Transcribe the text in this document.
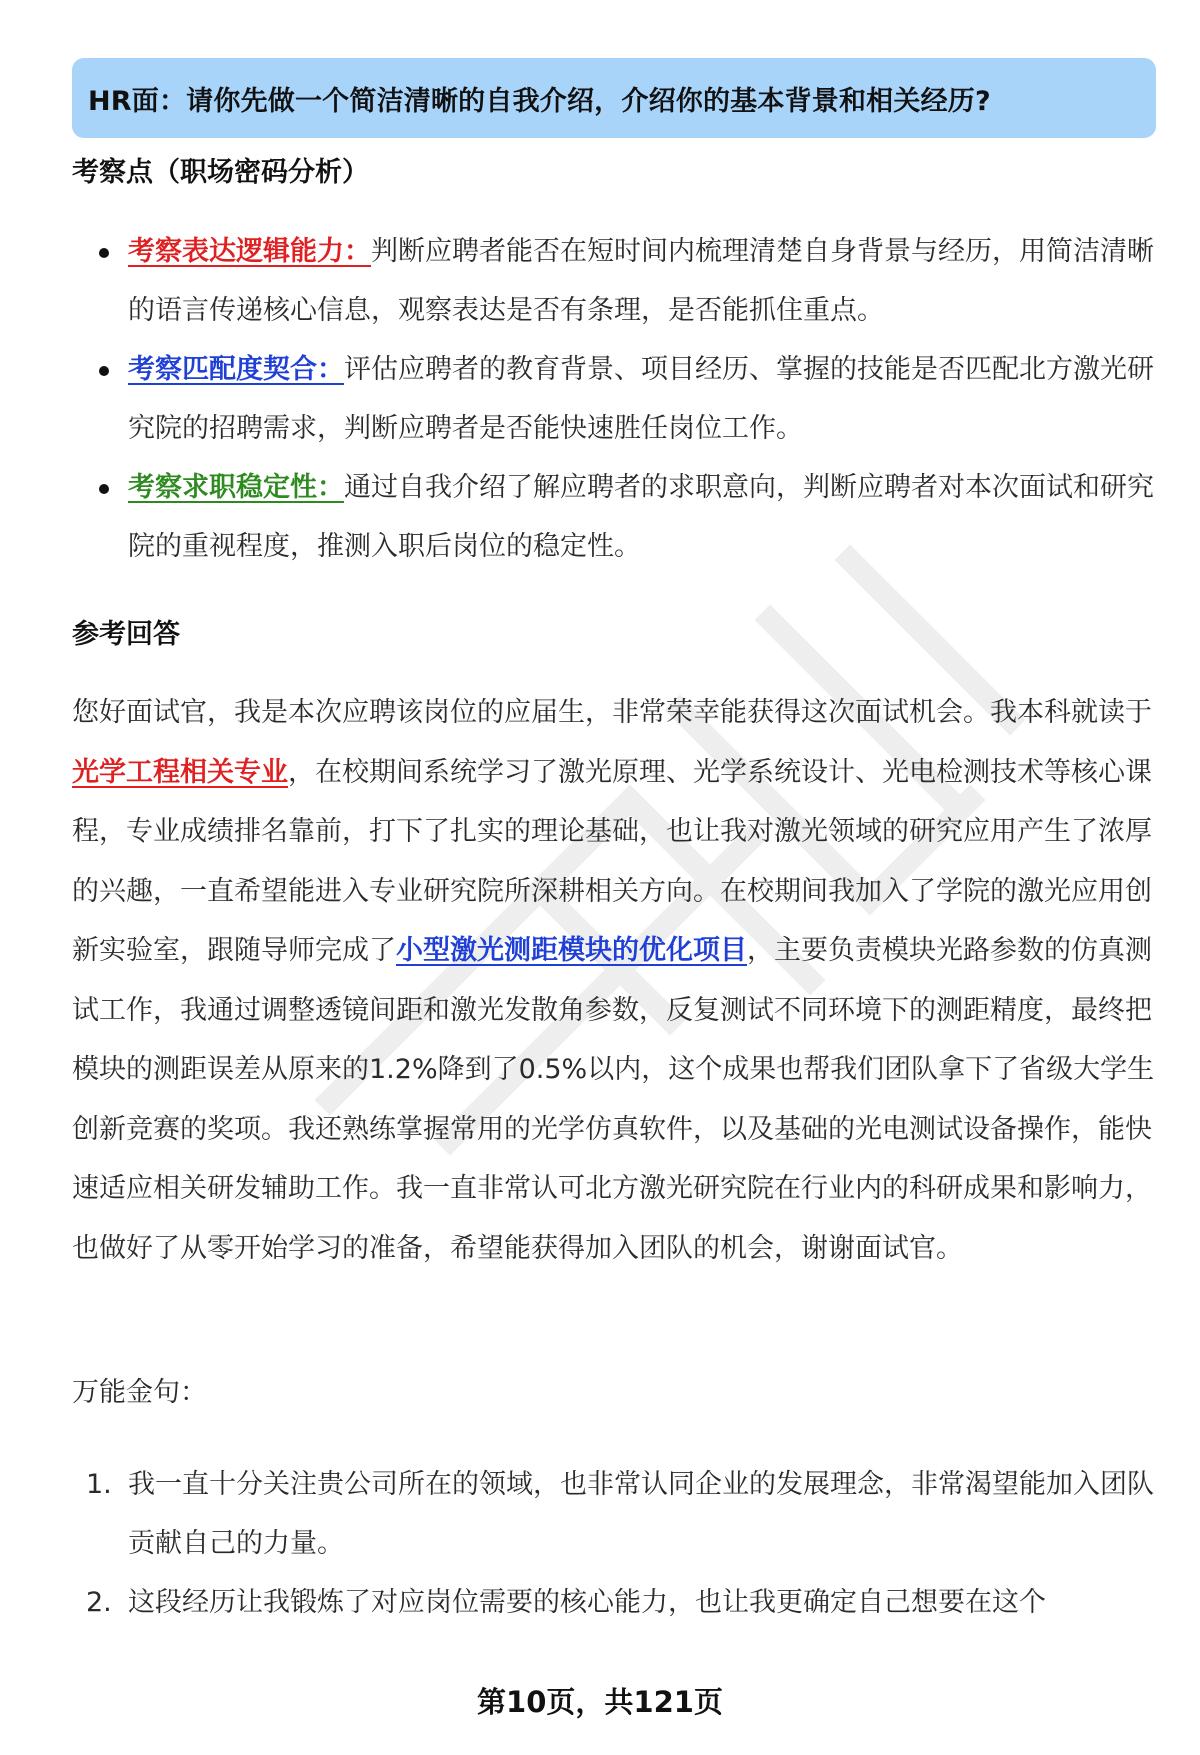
HR面：请你先做一个简洁清晰的自我介绍，介绍你的基本背景和相关经历?
考察点（职场密码分析）
考察表达逻辑能力：判断应聘者能否在短时间内梳理清楚自身背景与经历，用简洁清晰的语言传递核心信息，观察表达是否有条理，是否能抓住重点。
考察匹配度契合：评估应聘者的教育背景、项目经历、掌握的技能是否匹配北方激光研究院的招聘需求，判断应聘者是否能快速胜任岗位工作。
考察求职稳定性：通过自我介绍了解应聘者的求职意向，判断应聘者对本次面试和研究院的重视程度，推测入职后岗位的稳定性。
参考回答

您好面试官，我是本次应聘该岗位的应届生，非常荣幸能获得这次面试机会。我本科就读于光学工程相关专业，在校期间系统学习了激光原理、光学系统设计、光电检测技术等核心课程，专业成绩排名靠前，打下了扎实的理论基础，也让我对激光领域的研究应用产生了浓厚的兴趣，一直希望能进入专业研究院所深耕相关方向。在校期间我加入了学院的激光应用创新实验室，跟随导师完成了小型激光测距模块的优化项目，主要负责模块光路参数的仿真测试工作，我通过调整透镜间距和激光发散角参数，反复测试不同环境下的测距精度，最终把模块的测距误差从原来的1.2%降到了0.5%以内，这个成果也帮我们团队拿下了省级大学生创新竞赛的奖项。我还熟练掌握常用的光学仿真软件，以及基础的光电测试设备操作，能快速适应相关研发辅助工作。我一直非常认可北方激光研究院在行业内的科研成果和影响力，也做好了从零开始学习的准备，希望能获得加入团队的机会，谢谢面试官。

万能金句：
1. 我一直十分关注贵公司所在的领域，也非常认同企业的发展理念，非常渴望能加入团队贡献自己的力量。
2. 这段经历让我锻炼了对应岗位需要的核心能力，也让我更确定自己想要在这个
第10页，共121页
